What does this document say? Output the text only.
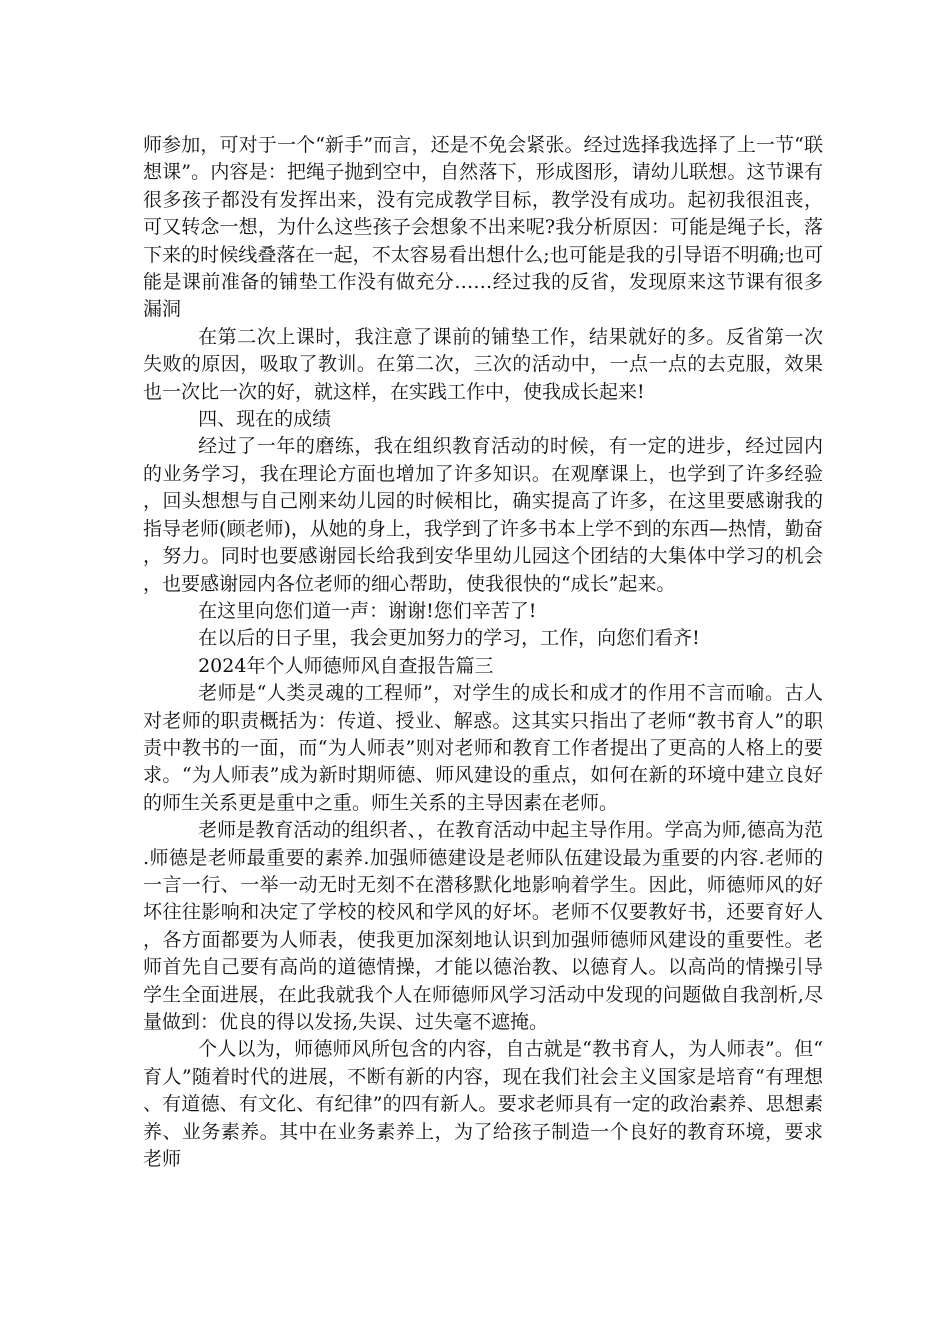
师参加，可对于一个“新手”而言，还是不免会紧张。经过选择我选择了上一节“联想课”。内容是：把绳子抛到空中，自然落下，形成图形，请幼儿联想。这节课有很多孩子都没有发挥出来，没有完成教学目标，教学没有成功。起初我很沮丧，可又转念一想，为什么这些孩子会想象不出来呢?我分析原因：可能是绳子长，落下来的时候线叠落在一起，不太容易看出想什么;也可能是我的引导语不明确;也可能是课前准备的铺垫工作没有做充分……经过我的反省，发现原来这节课有很多漏洞

在第二次上课时，我注意了课前的铺垫工作，结果就好的多。反省第一次失败的原因，吸取了教训。在第二次，三次的活动中，一点一点的去克服，效果也一次比一次的好，就这样，在实践工作中，使我成长起来!

四、现在的成绩

经过了一年的磨练，我在组织教育活动的时候，有一定的进步，经过园内的业务学习，我在理论方面也增加了许多知识。在观摩课上，也学到了许多经验，回头想想与自己刚来幼儿园的时候相比，确实提高了许多，在这里要感谢我的指导老师(顾老师)，从她的身上，我学到了许多书本上学不到的东西—热情，勤奋，努力。同时也要感谢园长给我到安华里幼儿园这个团结的大集体中学习的机会，也要感谢园内各位老师的细心帮助，使我很快的“成长”起来。

在这里向您们道一声：谢谢!您们辛苦了!

在以后的日子里，我会更加努力的学习，工作，向您们看齐!

2024年个人师德师风自查报告篇三

老师是“人类灵魂的工程师”，对学生的成长和成才的作用不言而喻。古人对老师的职责概括为：传道、授业、解惑。这其实只指出了老师“教书育人”的职责中教书的一面，而“为人师表”则对老师和教育工作者提出了更高的人格上的要求。“为人师表”成为新时期师德、师风建设的重点，如何在新的环境中建立良好的师生关系更是重中之重。师生关系的主导因素在老师。

老师是教育活动的组织者、，在教育活动中起主导作用。学高为师,德高为范.师德是老师最重要的素养.加强师德建设是老师队伍建设最为重要的内容.老师的一言一行、一举一动无时无刻不在潜移默化地影响着学生。因此，师德师风的好坏往往影响和决定了学校的校风和学风的好坏。老师不仅要教好书，还要育好人，各方面都要为人师表，使我更加深刻地认识到加强师德师风建设的重要性。老师首先自己要有高尚的道德情操，才能以德治教、以德育人。以高尚的情操引导学生全面进展，在此我就我个人在师德师风学习活动中发现的问题做自我剖析,尽量做到：优良的得以发扬,失误、过失毫不遮掩。

个人以为，师德师风所包含的内容，自古就是“教书育人，为人师表”。但“育人”随着时代的进展，不断有新的内容，现在我们社会主义国家是培育“有理想、有道德、有文化、有纪律”的四有新人。要求老师具有一定的政治素养、思想素养、业务素养。其中在业务素养上，为了给孩子制造一个良好的教育环境，要求老师
